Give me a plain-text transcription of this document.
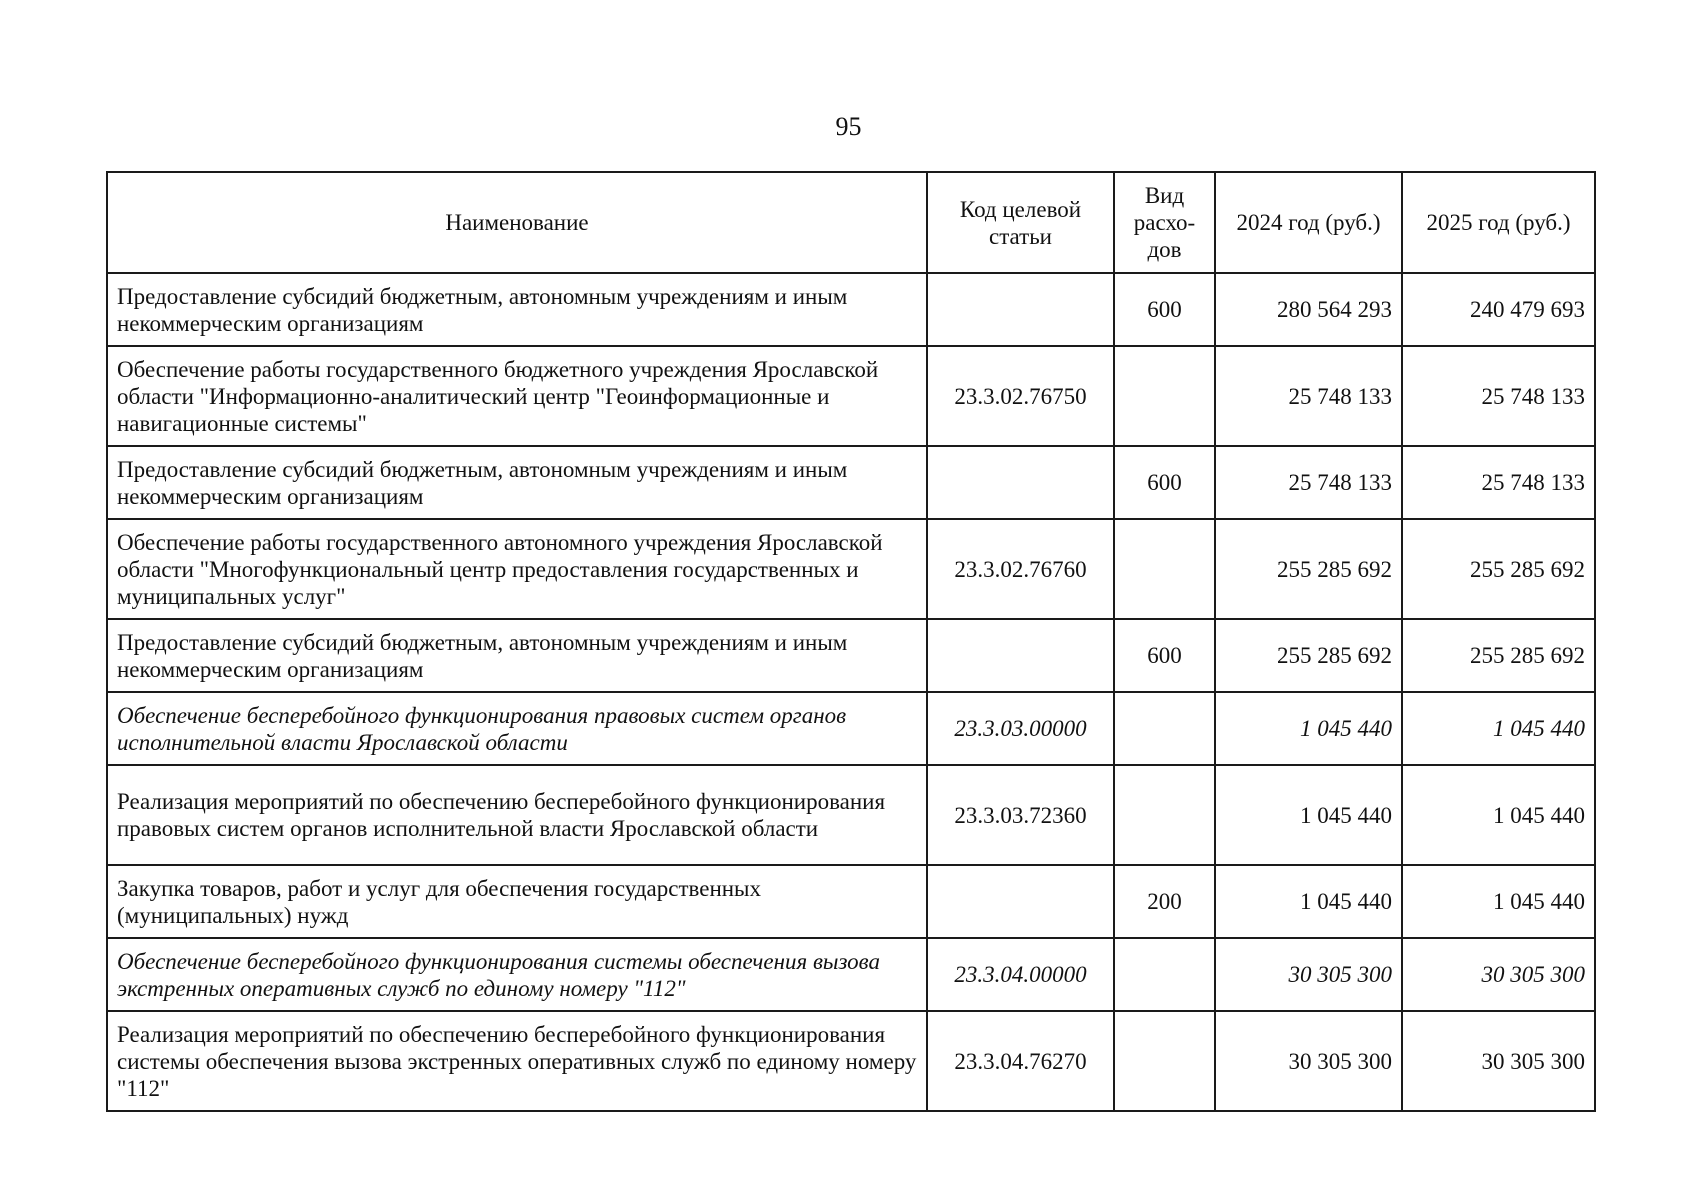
95
Наименование	Код целевой статьи	Вид расхо-дов	2024 год (руб.)	2025 год (руб.)
Предоставление субсидий бюджетным, автономным учреждениям и иным некоммерческим организациям		600	280 564 293	240 479 693
Обеспечение работы государственного бюджетного учреждения Ярославской области "Информационно-аналитический центр "Геоинформационные и навигационные системы"	23.3.02.76750		25 748 133	25 748 133
Предоставление субсидий бюджетным, автономным учреждениям и иным некоммерческим организациям		600	25 748 133	25 748 133
Обеспечение работы государственного автономного учреждения Ярославской области "Многофункциональный центр предоставления государственных и муниципальных услуг"	23.3.02.76760		255 285 692	255 285 692
Предоставление субсидий бюджетным, автономным учреждениям и иным некоммерческим организациям		600	255 285 692	255 285 692
Обеспечение бесперебойного функционирования правовых систем органов исполнительной власти Ярославской области	23.3.03.00000		1 045 440	1 045 440
Реализация мероприятий по обеспечению бесперебойного функционирования правовых систем органов исполнительной власти Ярославской области	23.3.03.72360		1 045 440	1 045 440
Закупка товаров, работ и услуг для обеспечения государственных (муниципальных) нужд		200	1 045 440	1 045 440
Обеспечение бесперебойного функционирования системы обеспечения вызова экстренных оперативных служб по единому номеру "112"	23.3.04.00000		30 305 300	30 305 300
Реализация мероприятий по обеспечению бесперебойного функционирования системы обеспечения вызова экстренных оперативных служб по единому номеру "112"	23.3.04.76270		30 305 300	30 305 300
